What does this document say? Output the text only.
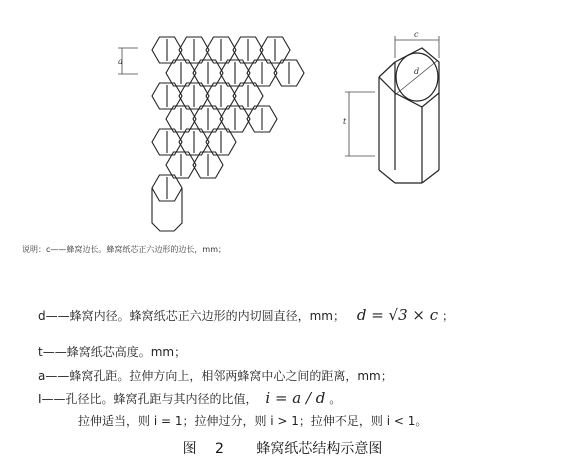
a
d
c
t
说明：c——蜂窝边长。蜂窝纸芯正六边形的边长，mm；
d——蜂窝内径。蜂窝纸芯正六边形的内切圆直径，mm； d = √3 × c ；
t——蜂窝纸芯高度。mm；
a——蜂窝孔距。拉伸方向上，相邻两蜂窝中心之间的距离，mm；
I——孔径比。蜂窝孔距与其内径的比值， i = a / d 。
拉伸适当，则 i = 1；拉伸过分，则 i > 1；拉伸不足，则 i < 1。
图 2 蜂窝纸芯结构示意图
